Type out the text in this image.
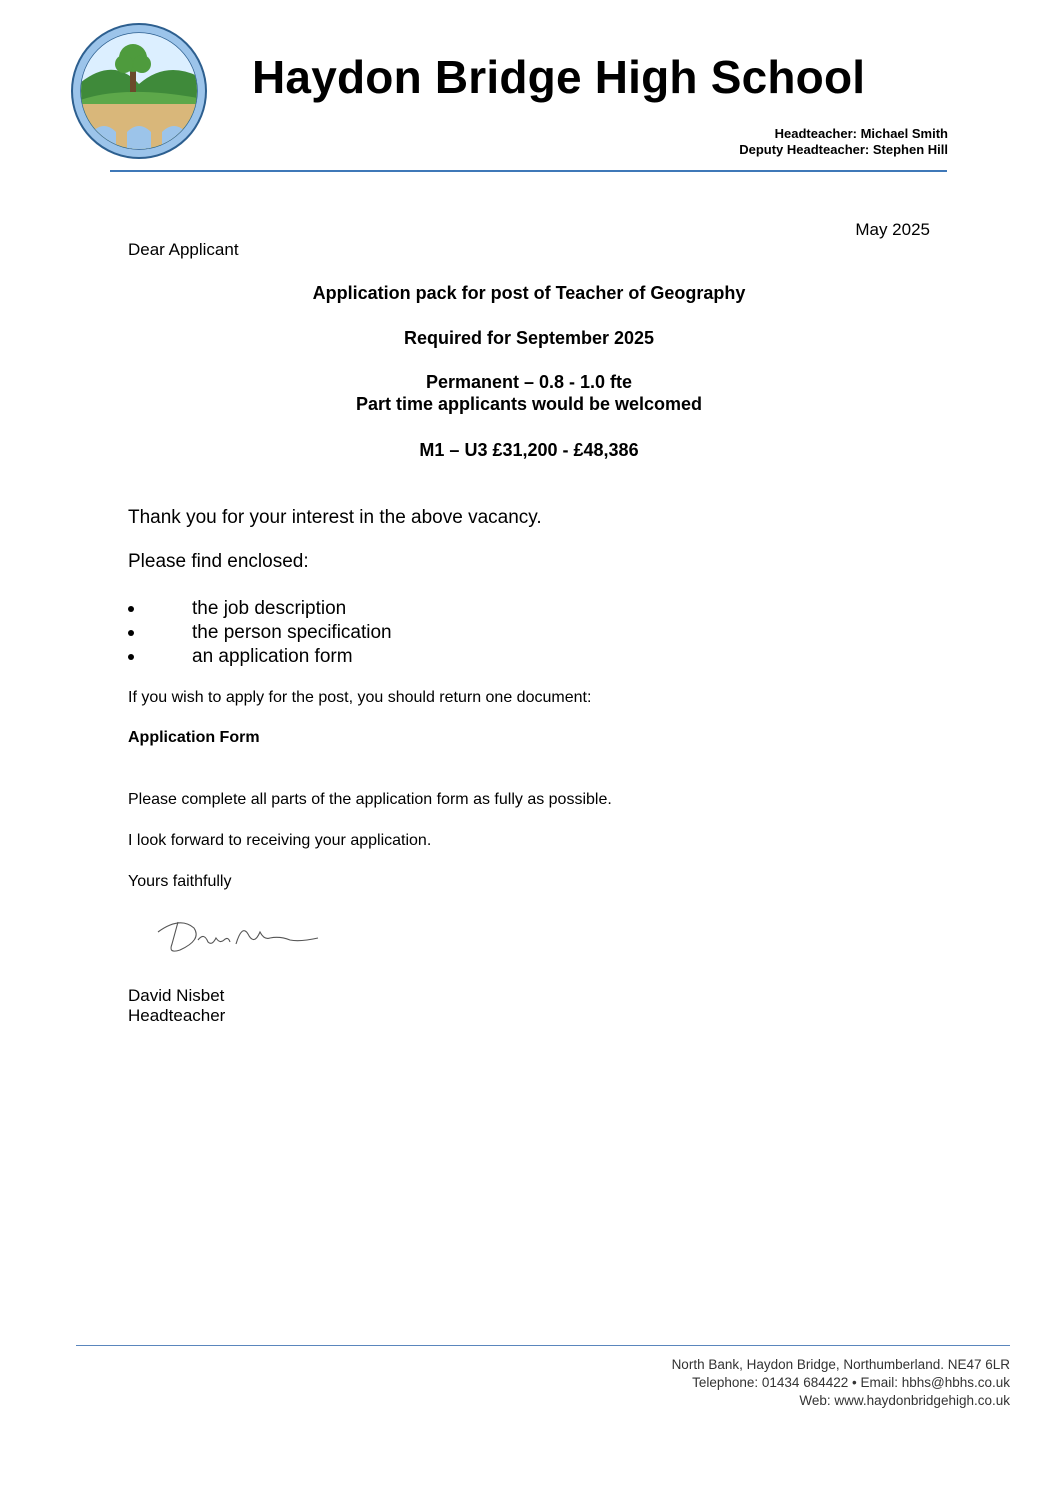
Haydon Bridge High School
Headteacher: Michael Smith
Deputy Headteacher: Stephen Hill
May 2025
Dear Applicant
Application pack for post of Teacher of Geography
Required for September 2025
Permanent – 0.8 - 1.0 fte
Part time applicants would be welcomed
M1 – U3 £31,200 - £48,386
Thank you for your interest in the above vacancy.
Please find enclosed:
the job description
the person specification
an application form
If you wish to apply for the post, you should return one document:
Application Form
Please complete all parts of the application form as fully as possible.
I look forward to receiving your application.
Yours faithfully
David Nisbet
Headteacher
North Bank, Haydon Bridge, Northumberland. NE47 6LR
Telephone: 01434 684422 • Email: hbhs@hbhs.co.uk
Web: www.haydonbridgehigh.co.uk
